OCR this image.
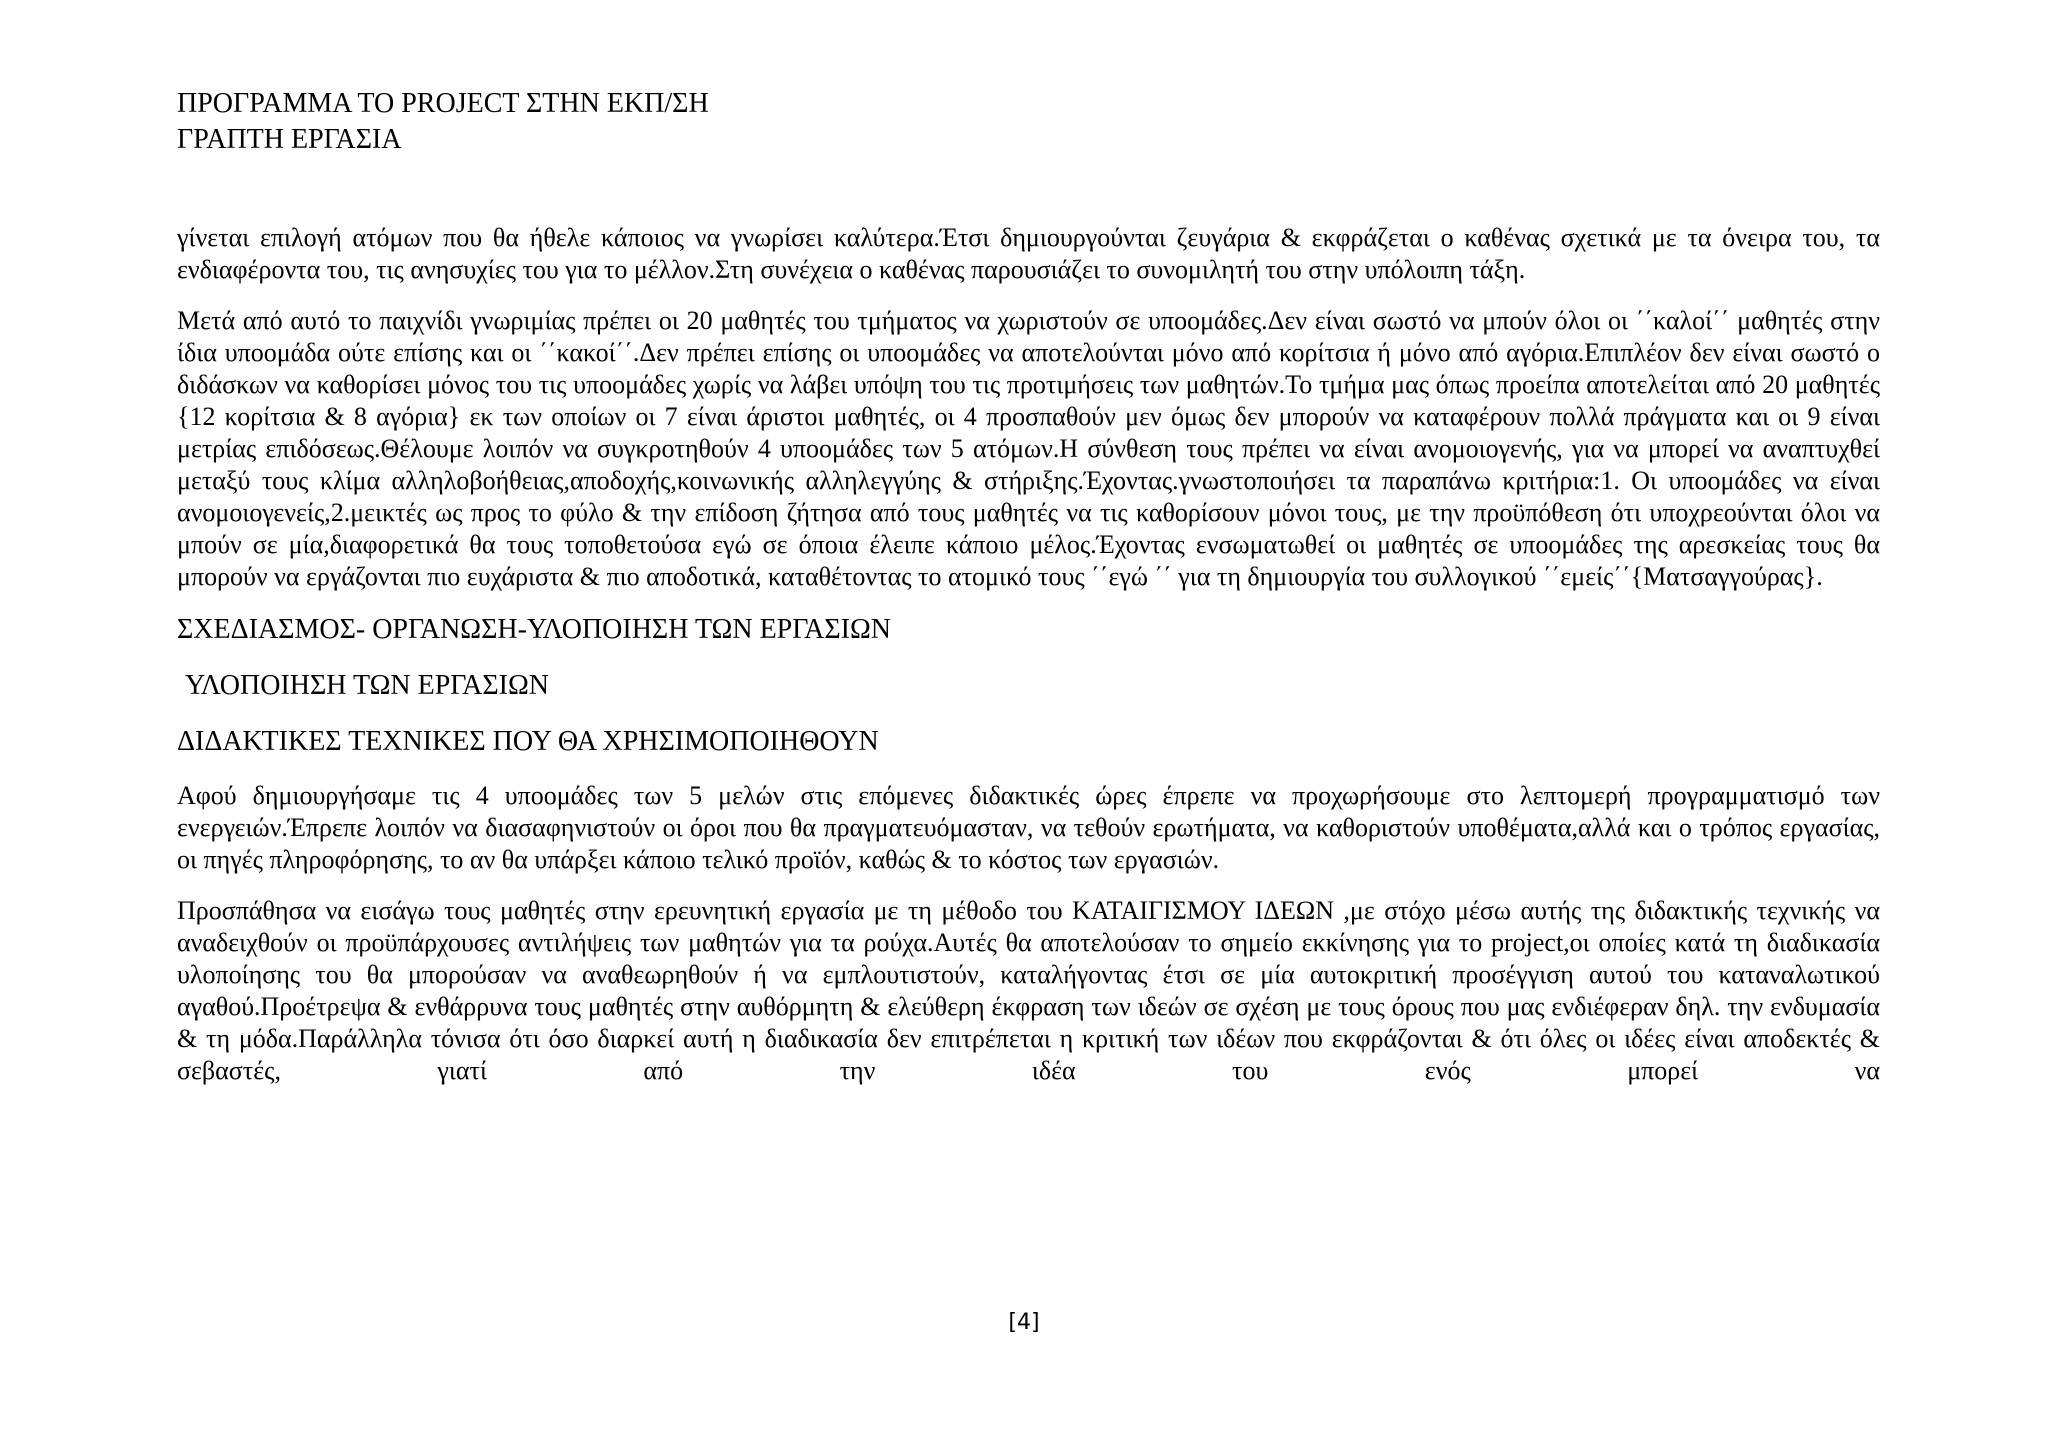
ΠΡΟΓΡΑΜΜΑ ΤΟ PROJECT ΣΤΗΝ ΕΚΠ/ΣΗ
ΓΡΑΠΤΗ ΕΡΓΑΣΙΑ

γίνεται επιλογή ατόμων που θα ήθελε κάποιος να γνωρίσει καλύτερα.Έτσι δημιουργούνται ζευγάρια & εκφράζεται ο καθένας σχετικά με τα όνειρα του, τα ενδιαφέροντα του, τις ανησυχίες του για το μέλλον.Στη συνέχεια ο καθένας παρουσιάζει το συνομιλητή του στην υπόλοιπη τάξη.

Μετά από αυτό το παιχνίδι γνωριμίας πρέπει οι 20 μαθητές του τμήματος να χωριστούν σε υποομάδες.Δεν είναι σωστό να μπούν όλοι οι ΄΄καλοί΄΄ μαθητές στην ίδια υποομάδα ούτε επίσης και οι ΄΄κακοί΄΄.Δεν πρέπει επίσης οι υποομάδες να αποτελούνται μόνο από κορίτσια ή μόνο από αγόρια.Επιπλέον δεν είναι σωστό ο διδάσκων να καθορίσει μόνος του τις υποομάδες χωρίς να λάβει υπόψη του τις προτιμήσεις των μαθητών.Το τμήμα μας όπως προείπα αποτελείται από 20 μαθητές {12 κορίτσια & 8 αγόρια} εκ των οποίων οι 7 είναι άριστοι μαθητές, οι 4 προσπαθούν μεν όμως δεν μπορούν να καταφέρουν πολλά πράγματα και οι 9 είναι μετρίας επιδόσεως.Θέλουμε λοιπόν να συγκροτηθούν 4 υποομάδες των 5 ατόμων.Η σύνθεση τους πρέπει να είναι ανομοιογενής, για να μπορεί να αναπτυχθεί μεταξύ τους κλίμα αλληλοβοήθειας,αποδοχής,κοινωνικής αλληλεγγύης & στήριξης.Έχοντας.γνωστοποιήσει τα παραπάνω κριτήρια:1. Οι υποομάδες να είναι ανομοιογενείς,2.μεικτές ως προς το φύλο & την επίδοση ζήτησα από τους μαθητές να τις καθορίσουν μόνοι τους, με την προϋπόθεση ότι υποχρεούνται όλοι να μπούν σε μία,διαφορετικά θα τους τοποθετούσα εγώ σε όποια έλειπε κάποιο μέλος.Έχοντας ενσωματωθεί οι μαθητές σε υποομάδες της αρεσκείας τους θα μπορούν να εργάζονται πιο ευχάριστα & πιο αποδοτικά, καταθέτοντας το ατομικό τους ΄΄εγώ ΄΄ για τη δημιουργία του συλλογικού ΄΄εμείς΄΄{Ματσαγγούρας}.

ΣΧΕΔΙΑΣΜΟΣ- ΟΡΓΑΝΩΣΗ-ΥΛΟΠΟΙΗΣΗ ΤΩΝ ΕΡΓΑΣΙΩΝ
ΥΛΟΠΟΙΗΣΗ ΤΩΝ ΕΡΓΑΣΙΩΝ
ΔΙΔΑΚΤΙΚΕΣ ΤΕΧΝΙΚΕΣ ΠΟΥ ΘΑ ΧΡΗΣΙΜΟΠΟΙΗΘΟΥΝ

Αφού δημιουργήσαμε τις 4 υποομάδες των 5 μελών στις επόμενες διδακτικές ώρες έπρεπε να προχωρήσουμε στο λεπτομερή προγραμματισμό των ενεργειών.Έπρεπε λοιπόν να διασαφηνιστούν οι όροι που θα πραγματευόμασταν, να τεθούν ερωτήματα, να καθοριστούν υποθέματα,αλλά και ο τρόπος εργασίας, οι πηγές πληροφόρησης, το αν θα υπάρξει κάποιο τελικό προϊόν, καθώς & το κόστος των εργασιών.

Προσπάθησα να εισάγω τους μαθητές στην ερευνητική εργασία με τη μέθοδο του ΚΑΤΑΙΓΙΣΜΟΥ ΙΔΕΩΝ ,με στόχο μέσω αυτής της διδακτικής τεχνικής να αναδειχθούν οι προϋπάρχουσες αντιλήψεις των μαθητών για τα ρούχα.Αυτές θα αποτελούσαν το σημείο εκκίνησης για το project,οι οποίες κατά τη διαδικασία υλοποίησης του θα μπορούσαν να αναθεωρηθούν ή να εμπλουτιστούν, καταλήγοντας έτσι σε μία αυτοκριτική προσέγγιση αυτού του καταναλωτικού αγαθού.Προέτρεψα & ενθάρρυνα τους μαθητές στην αυθόρμητη & ελεύθερη έκφραση των ιδεών σε σχέση με τους όρους που μας ενδιέφεραν δηλ. την ενδυμασία & τη μόδα.Παράλληλα τόνισα ότι όσο διαρκεί αυτή η διαδικασία δεν επιτρέπεται η κριτική των ιδέων που εκφράζονται & ότι όλες οι ιδέες είναι αποδεκτές & σεβαστές, γιατί από την ιδέα του ενός μπορεί να

[4]
